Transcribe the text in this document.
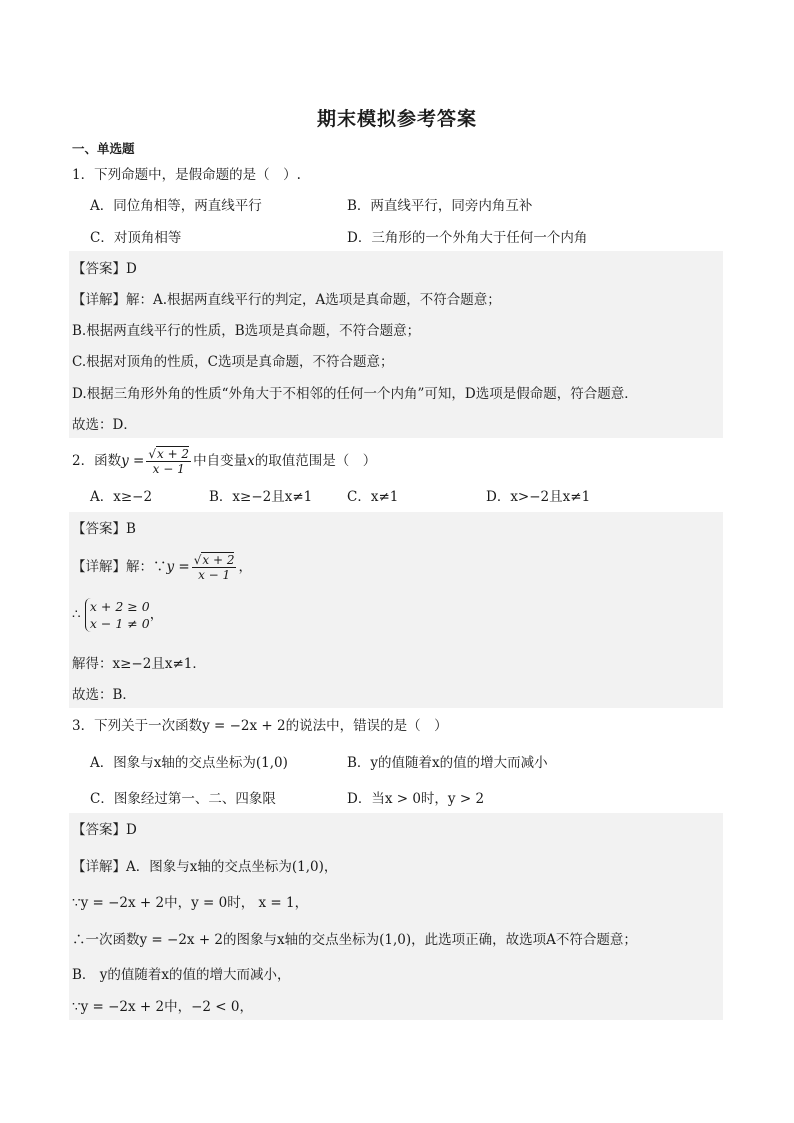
期末模拟参考答案
一、单选题
1．下列命题中，是假命题的是（　）.
A．同位角相等，两直线平行	B．两直线平行，同旁内角互补
C．对顶角相等	D．三角形的一个外角大于任何一个内角
【答案】D
【详解】解：A.根据两直线平行的判定，A选项是真命题，不符合题意；
B.根据两直线平行的性质，B选项是真命题，不符合题意；
C.根据对顶角的性质，C选项是真命题，不符合题意；
D.根据三角形外角的性质“外角大于不相邻的任何一个内角”可知，D选项是假命题，符合题意．
故选：D．
2．函数$y = \frac{√x + 2}{x - 1}$ 中自变量x的取值范围是（　）
A．x≥−2	B．x≥−2且x≠1	C．x≠1	D．x>−2且x≠1
【答案】B
【详解】解：∵y = $\frac{√x + 2}{x - 1}$ ，
∴ x + 2 ≥ 0
x − 1 ≠ 0
，
解得：x≥−2且x≠1．
故选：B．
3．下列关于一次函数y = −2x + 2的说法中，错误的是（　）
A．图象与x轴的交点坐标为(1,0)	B．y的值随着x的值的增大而减小
C．图象经过第一、二、四象限	D．当x > 0时，y > 2
【答案】D
【详解】A．图象与x轴的交点坐标为(1,0)，
∵y = −2x + 2中，y = 0时， x = 1，
∴一次函数y = −2x + 2的图象与x轴的交点坐标为(1,0)，此选项正确，故选项A不符合题意；
B． y的值随着x的值的增大而减小，
∵y = −2x + 2中，−2 < 0，
